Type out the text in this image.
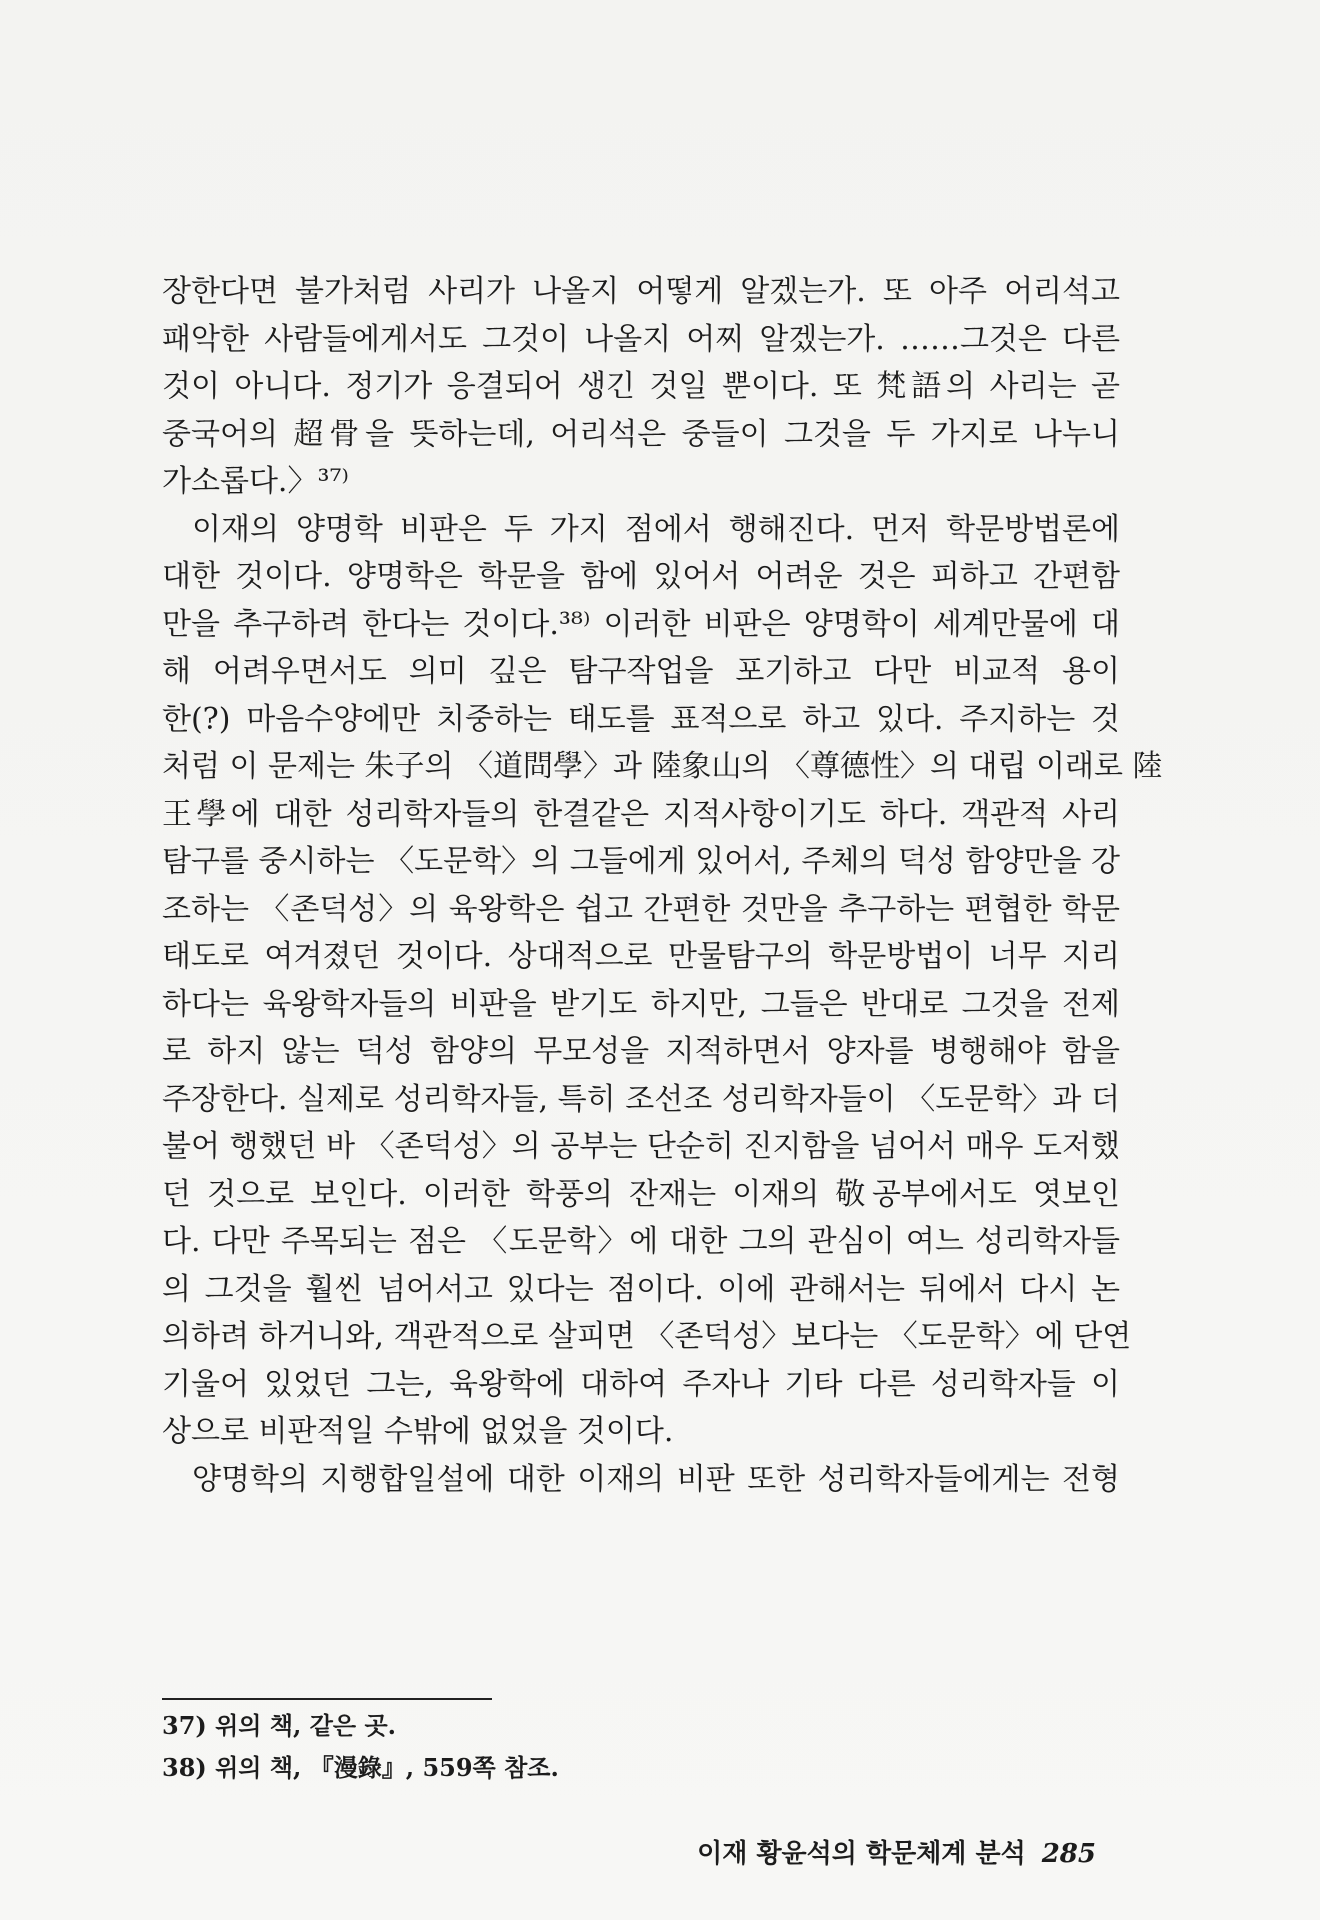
장한다면 불가처럼 사리가 나올지 어떻게 알겠는가. 또 아주 어리석고
패악한 사람들에게서도 그것이 나올지 어찌 알겠는가. ……그것은 다른
것이 아니다. 정기가 응결되어 생긴 것일 뿐이다. 또 梵語의 사리는 곧
중국어의 超骨을 뜻하는데, 어리석은 중들이 그것을 두 가지로 나누니
가소롭다.〉³⁷⁾
이재의 양명학 비판은 두 가지 점에서 행해진다. 먼저 학문방법론에
대한 것이다. 양명학은 학문을 함에 있어서 어려운 것은 피하고 간편함
만을 추구하려 한다는 것이다.³⁸⁾ 이러한 비판은 양명학이 세계만물에 대
해 어려우면서도 의미 깊은 탐구작업을 포기하고 다만 비교적 용이
한(?) 마음수양에만 치중하는 태도를 표적으로 하고 있다. 주지하는 것
처럼 이 문제는 朱子의 〈道問學〉과 陸象山의 〈尊德性〉의 대립 이래로 陸
王學에 대한 성리학자들의 한결같은 지적사항이기도 하다. 객관적 사리
탐구를 중시하는 〈도문학〉의 그들에게 있어서, 주체의 덕성 함양만을 강
조하는 〈존덕성〉의 육왕학은 쉽고 간편한 것만을 추구하는 편협한 학문
태도로 여겨졌던 것이다. 상대적으로 만물탐구의 학문방법이 너무 지리
하다는 육왕학자들의 비판을 받기도 하지만, 그들은 반대로 그것을 전제
로 하지 않는 덕성 함양의 무모성을 지적하면서 양자를 병행해야 함을
주장한다. 실제로 성리학자들, 특히 조선조 성리학자들이 〈도문학〉과 더
불어 행했던 바 〈존덕성〉의 공부는 단순히 진지함을 넘어서 매우 도저했
던 것으로 보인다. 이러한 학풍의 잔재는 이재의 敬공부에서도 엿보인
다. 다만 주목되는 점은 〈도문학〉에 대한 그의 관심이 여느 성리학자들
의 그것을 훨씬 넘어서고 있다는 점이다. 이에 관해서는 뒤에서 다시 논
의하려 하거니와, 객관적으로 살피면 〈존덕성〉보다는 〈도문학〉에 단연
기울어 있었던 그는, 육왕학에 대하여 주자나 기타 다른 성리학자들 이
상으로 비판적일 수밖에 없었을 것이다.
양명학의 지행합일설에 대한 이재의 비판 또한 성리학자들에게는 전형
37) 위의 책, 같은 곳.
38) 위의 책, 『漫錄』, 559쪽 참조.
이재 황윤석의 학문체계 분석 285
